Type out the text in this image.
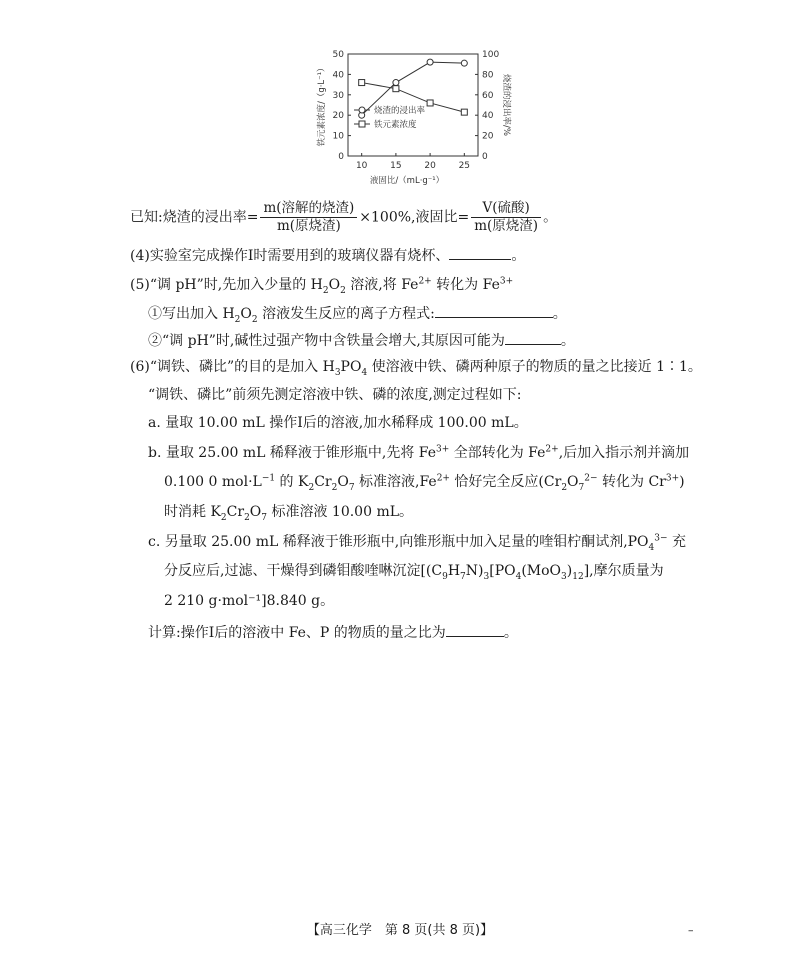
0
10
20
30
40
50
0
20
40
60
80
100
10	15	20	25
液固比/（mL·g⁻¹）
铁元素浓度/（g·L⁻¹）	烧渣的浸出率/%
烧渣的浸出率
铁元素浓度
已知:烧渣的浸出率= $\frac{\text{m(溶解的烧渣)}}{\text{m(原烧渣)}} \times 100\%$,液固比= $\frac{\text{V(硫酸)}}{\text{m(原烧渣)}}$ 。
(4)实验室完成操作Ⅰ时需要用到的玻璃仪器有烧杯、	。
(5)“调 pH”时,先加入少量的 $H_2O_2$ 溶液,将 $Fe^{2+}$ 转化为 $Fe^{3+}$
①写出加入 $H_2O_2$ 溶液发生反应的离子方程式:	。
②“调 pH”时,碱性过强产物中含铁量会增大,其原因可能为	。
(6)“调铁、磷比”的目的是加入 $H_3PO_4$ 使溶液中铁、磷两种原子的物质的量之比接近 1∶1。
“调铁、磷比”前须先测定溶液中铁、磷的浓度,测定过程如下:
a. 量取 10.00 mL 操作Ⅰ后的溶液,加水稀释成 100.00 mL。
b. 量取 25.00 mL 稀释液于锥形瓶中,先将 $Fe^{3+}$ 全部转化为 $Fe^{2+}$,后加入指示剂并滴加
0.100 0 $mol\cdot L^{-1}$ 的 $K_2Cr_2O_7$ 标准溶液$,Fe^{2+}$ 恰好完全反应($Cr_2O_7^{2-}$ 转化为 $Cr^{3+}$)
时消耗 $K_2Cr_2O_7$ 标准溶液 10.00 mL。
c. 另量取 25.00 mL 稀释液于锥形瓶中,向锥形瓶中加入足量的喹钼柠酮试剂$,PO_4^{3-}$ 充
分反应后,过滤、干燥得到磷钼酸喹啉沉淀[$(C_9H_7N)_3[PO_4(MoO_3)_{12}]$,摩尔质量为
2 210 g·mol⁻¹]8.840 g。
计算:操作Ⅰ后的溶液中 Fe、P 的物质的量之比为	。
【高三化学　第 8 页(共 8 页)】	–
